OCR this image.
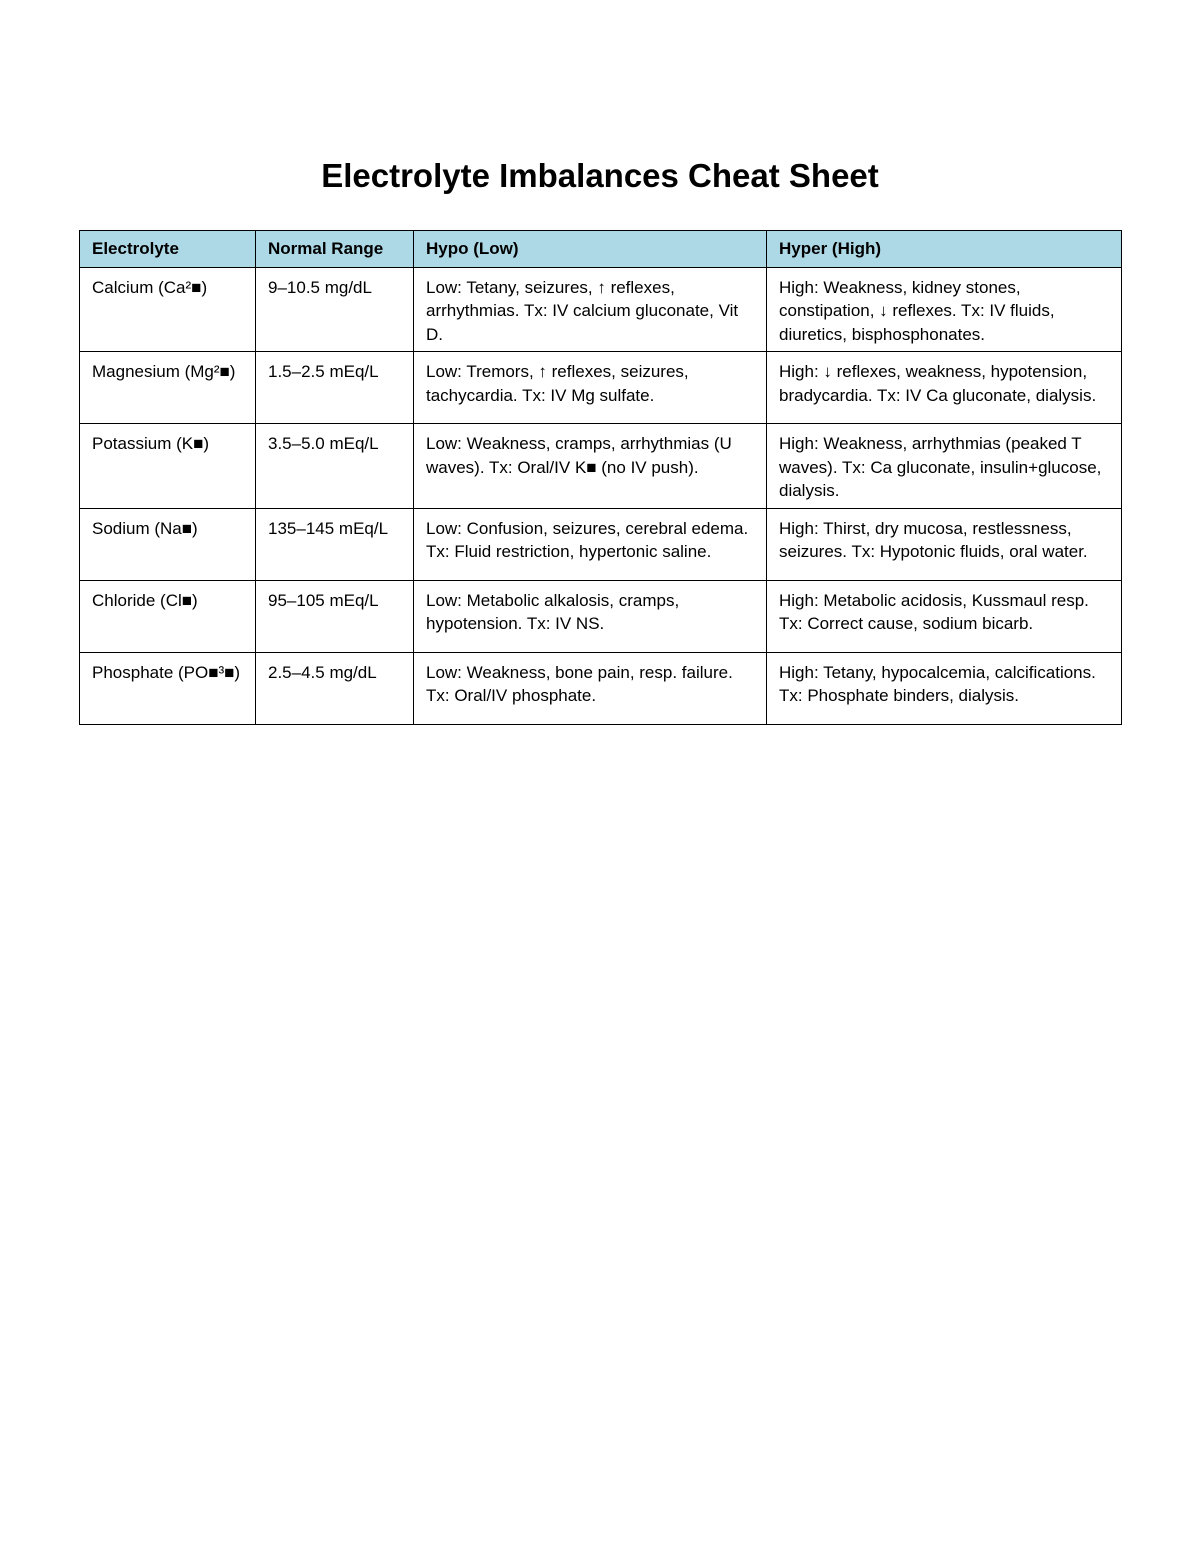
Electrolyte Imbalances Cheat Sheet
Electrolyte	Normal Range	Hypo (Low)	Hyper (High)
Calcium (Ca²■)	9–10.5 mg/dL	Low: Tetany, seizures, ↑ reflexes, arrhythmias. Tx: IV calcium gluconate, Vit D.	High: Weakness, kidney stones, constipation, ↓ reflexes. Tx: IV fluids, diuretics, bisphosphonates.
Magnesium (Mg²■)	1.5–2.5 mEq/L	Low: Tremors, ↑ reflexes, seizures, tachycardia. Tx: IV Mg sulfate.	High: ↓ reflexes, weakness, hypotension, bradycardia. Tx: IV Ca gluconate, dialysis.
Potassium (K■)	3.5–5.0 mEq/L	Low: Weakness, cramps, arrhythmias (U waves). Tx: Oral/IV K■ (no IV push).	High: Weakness, arrhythmias (peaked T waves). Tx: Ca gluconate, insulin+glucose, dialysis.
Sodium (Na■)	135–145 mEq/L	Low: Confusion, seizures, cerebral edema. Tx: Fluid restriction, hypertonic saline.	High: Thirst, dry mucosa, restlessness, seizures. Tx: Hypotonic fluids, oral water.
Chloride (Cl■)	95–105 mEq/L	Low: Metabolic alkalosis, cramps, hypotension. Tx: IV NS.	High: Metabolic acidosis, Kussmaul resp. Tx: Correct cause, sodium bicarb.
Phosphate (PO■³■)	2.5–4.5 mg/dL	Low: Weakness, bone pain, resp. failure. Tx: Oral/IV phosphate.	High: Tetany, hypocalcemia, calcifications. Tx: Phosphate binders, dialysis.
